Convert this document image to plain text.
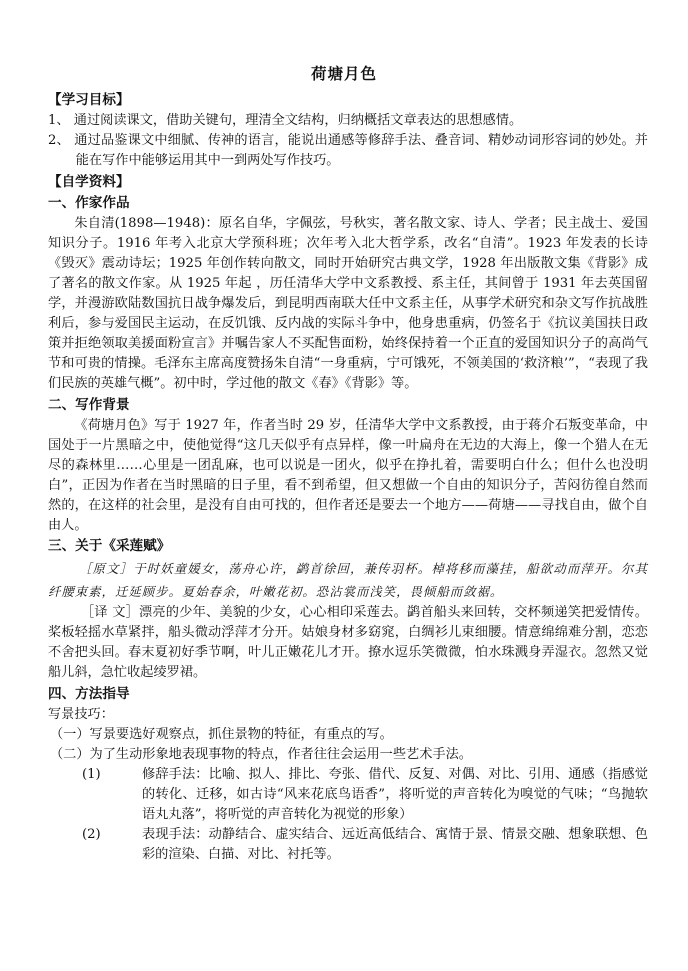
荷塘月色
【学习目标】
1、 通过阅读课文，借助关键句，理清全文结构，归纳概括文章表达的思想感情。
2、 通过品鉴课文中细腻、传神的语言，能说出通感等修辞手法、叠音词、精妙动词形容词的妙处。并能在写作中能够运用其中一到两处写作技巧。
【自学资料】
一、作家作品
朱自清(1898—1948)：原名自华，字佩弦，号秋实，著名散文家、诗人、学者；民主战士、爱国知识分子。1916 年考入北京大学预科班；次年考入北大哲学系，改名“自清”。1923 年发表的长诗《毁灭》震动诗坛；1925 年创作转向散文，同时开始研究古典文学，1928 年出版散文集《背影》成了著名的散文作家。从 1925 年起 ，历任清华大学中文系教授、系主任，其间曾于 1931 年去英国留学，并漫游欧陆数国抗日战争爆发后，到昆明西南联大任中文系主任，从事学术研究和杂文写作抗战胜利后，参与爱国民主运动，在反饥饿、反内战的实际斗争中，他身患重病，仍签名于《抗议美国扶日政策并拒绝领取美援面粉宣言》并嘱告家人不买配售面粉，始终保持着一个正直的爱国知识分子的高尚气节和可贵的情操。毛泽东主席高度赞扬朱自清“一身重病，宁可饿死，不领美国的‘救济粮’”，“表现了我们民族的英雄气概”。初中时，学过他的散文《春》《背影》等。
二、写作背景
《荷塘月色》写于 1927 年，作者当时 29 岁，任清华大学中文系教授，由于蒋介石叛变革命，中国处于一片黑暗之中，使他觉得“这几天似乎有点异样，像一叶扁舟在无边的大海上，像一个猎人在无尽的森林里……心里是一团乱麻，也可以说是一团火，似乎在挣扎着，需要明白什么；但什么也没明白”，正因为作者在当时黑暗的日子里，看不到希望，但又想做一个自由的知识分子，苦闷彷徨自然而然的，在这样的社会里，是没有自由可找的，但作者还是要去一个地方——荷塘——寻找自由，做个自由人。
三、关于《采莲赋》
［原文］于时妖童媛女，荡舟心许，鹢首徐回，兼传羽杯。棹将移而藻挂，船欲动而萍开。尔其纤腰束素，迁延顾步。夏始春余，叶嫩花初。恐沾裳而浅笑，畏倾船而敛裾。
［译 文］漂亮的少年、美貌的少女，心心相印采莲去。鹢首船头来回转，交杯频递笑把爱情传。桨板轻摇水草紧拌，船头微动浮萍才分开。姑娘身材多窈窕，白绸衫儿束细腰。情意绵绵难分割，恋恋不舍把头回。春末夏初好季节啊，叶儿正嫩花儿才开。撩水逗乐笑微微，怕水珠溅身弄湿衣。忽然又觉船儿斜，急忙收起绫罗裙。
四、方法指导
写景技巧：
（一）写景要选好观察点，抓住景物的特征，有重点的写。
（二）为了生动形象地表现事物的特点，作者往往会运用一些艺术手法。
(1)	修辞手法：比喻、拟人、排比、夸张、借代、反复、对偶、对比、引用、通感（指感觉的转化、迁移，如古诗“风来花底鸟语香”，将听觉的声音转化为嗅觉的气味；“鸟抛软语丸丸落”，将听觉的声音转化为视觉的形象）
(2)	表现手法：动静结合、虚实结合、远近高低结合、寓情于景、情景交融、想象联想、色彩的渲染、白描、对比、衬托等。
